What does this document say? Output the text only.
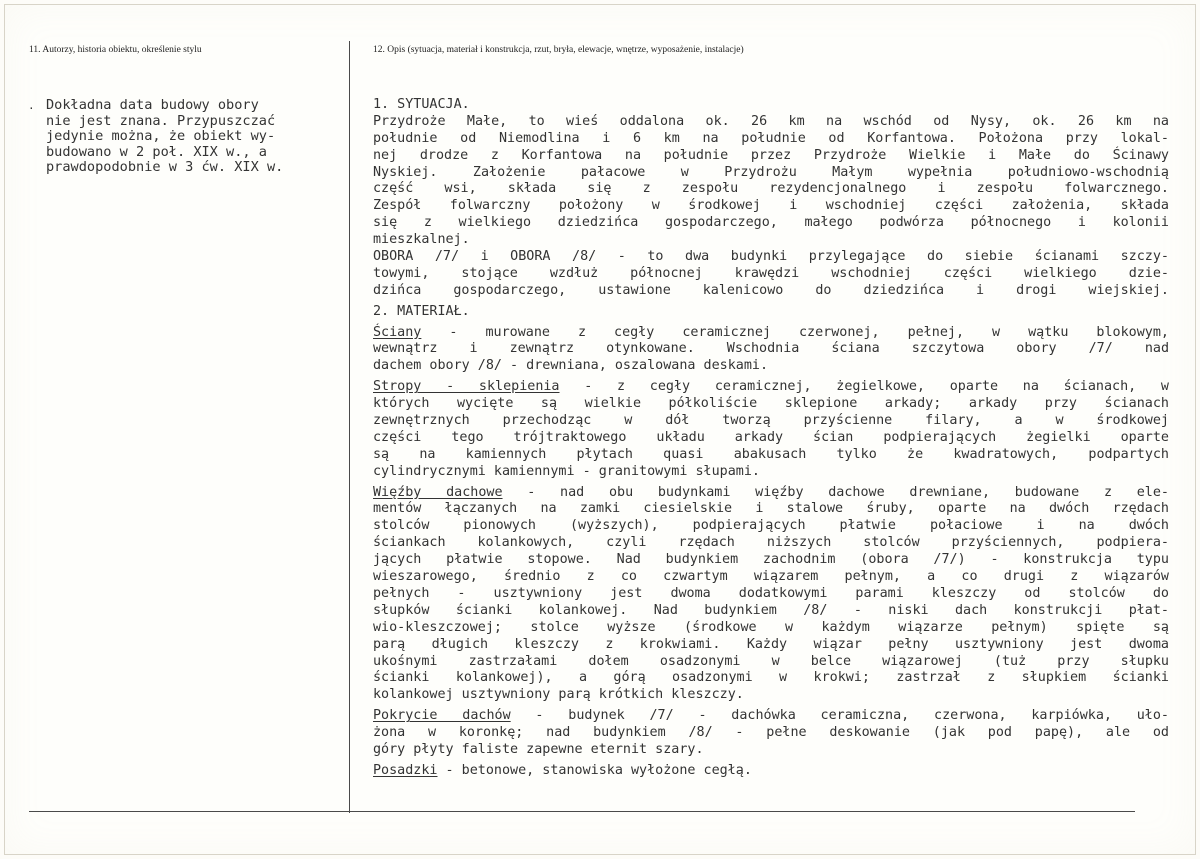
11. Autorzy, historia obiektu, określenie stylu	12. Opis (sytuacja, materiał i konstrukcja, rzut, bryła, elewacje, wnętrze, wyposażenie, instalacje)
. Dokładna data budowy obory
nie jest znana. Przypuszczać
jedynie można, że obiekt wy-
budowano w 2 poł. XIX w., a
prawdopodobnie w 3 ćw. XIX w.
1. SYTUACJA.
Przydroże Małe, to wieś oddalona ok. 26 km na wschód od Nysy, ok. 26 km na
południe od Niemodlina i 6 km na południe od Korfantowa. Położona przy lokal-
nej drodze z Korfantowa na południe przez Przydroże Wielkie i Małe do Ścinawy
Nyskiej. Założenie pałacowe w Przydrożu Małym wypełnia południowo-wschodnią
część wsi, składa się z zespołu rezydencjonalnego i zespołu folwarcznego.
Zespół folwarczny położony w środkowej i wschodniej części założenia, składa
się z wielkiego dziedzińca gospodarczego, małego podwórza północnego i kolonii
mieszkalnej.
OBORA /7/ i OBORA /8/ - to dwa budynki przylegające do siebie ścianami szczy-
towymi, stojące wzdłuż północnej krawędzi wschodniej części wielkiego dzie-
dzińca gospodarczego, ustawione kalenicowo do dziedzińca i drogi wiejskiej.
2. MATERIAŁ.
Ściany - murowane z cegły ceramicznej czerwonej, pełnej, w wątku blokowym,
wewnątrz i zewnątrz otynkowane. Wschodnia ściana szczytowa obory /7/ nad
dachem obory /8/ - drewniana, oszalowana deskami.
Stropy - sklepienia - z cegły ceramicznej, żegielkowe, oparte na ścianach, w
których wycięte są wielkie półkoliście sklepione arkady; arkady przy ścianach
zewnętrznych przechodząc w dół tworzą przyścienne filary, a w środkowej
części tego trójtraktowego układu arkady ścian podpierających żegielki oparte
są na kamiennych płytach quasi abakusach tylko że kwadratowych, podpartych
cylindrycznymi kamiennymi - granitowymi słupami.
Więźby dachowe - nad obu budynkami więźby dachowe drewniane, budowane z ele-
mentów łączanych na zamki ciesielskie i stalowe śruby, oparte na dwóch rzędach
stolców pionowych (wyższych), podpierających płatwie połaciowe i na dwóch
ściankach kolankowych, czyli rzędach niższych stolców przyściennych, podpiera-
jących płatwie stopowe. Nad budynkiem zachodnim (obora /7/) - konstrukcja typu
wieszarowego, średnio z co czwartym wiązarem pełnym, a co drugi z wiązarów
pełnych - usztywniony jest dwoma dodatkowymi parami kleszczy od stolców do
słupków ścianki kolankowej. Nad budynkiem /8/ - niski dach konstrukcji płat-
wio-kleszczowej; stolce wyższe (środkowe w każdym wiązarze pełnym) spięte są
parą długich kleszczy z krokwiami. Każdy wiązar pełny usztywniony jest dwoma
ukośnymi zastrzałami dołem osadzonymi w belce wiązarowej (tuż przy słupku
ścianki kolankowej), a górą osadzonymi w krokwi; zastrzał z słupkiem ścianki
kolankowej usztywniony parą krótkich kleszczy.
Pokrycie dachów - budynek /7/ - dachówka ceramiczna, czerwona, karpiówka, uło-
żona w koronkę; nad budynkiem /8/ - pełne deskowanie (jak pod papę), ale od
góry płyty faliste zapewne eternit szary.
Posadzki - betonowe, stanowiska wyłożone cegłą.
